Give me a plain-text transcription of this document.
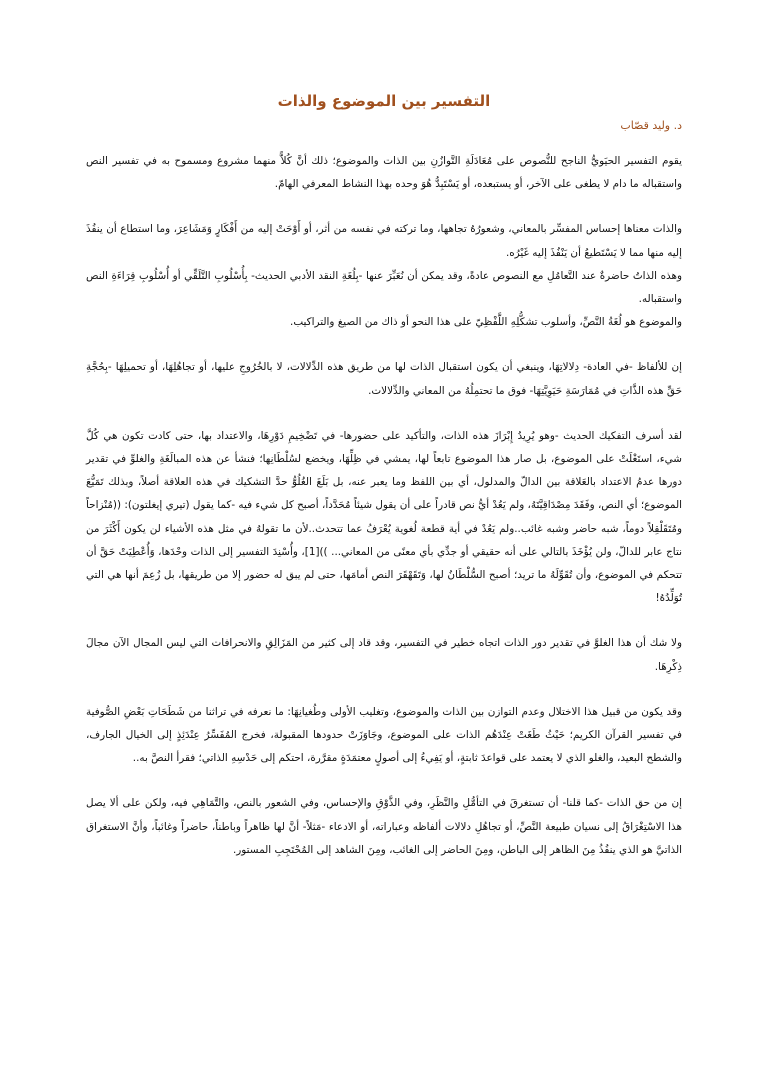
التفسير بين الموضوع والذات
د. وليد قصّاب

يقوم التفسير الحيَويُّ الناجح للنُّصوص على مُعَادَلَةِ التَّوازُنِ بين الذات والموضوع؛ ذلك أنَّ كُلاًّ منهما مشروع ومسموح به في تفسير النص واستقباله ما دام لا يطغى على الآخر، أو يستبعده، أو يَسْتَبِدُّ هُوَ وحده بهذا النشاط المعرفي الهامّ.

والذات معناها إحساس المفسِّر بالمعاني، وشعورُهُ تجاهها، وما تركته في نفسه من أثر، أو أَوْحَتْ إليه من أَفْكَارٍ وَمَشَاعِرَ، وما استطاع أن ينفُذَ إليه منها مما لا يَسْتَطيعُ أن يَنْفُذَ إليه غَيْرُه.

وهذه الذاتُ حاضرةٌ عند التَّعامُلِ مع النصوص عادةً، وقد يمكن أن نُعَبِّرَ عنها -بِلُغَةِ النقد الأدبي الحديث- بِأُسْلُوبِ التَّلَقِّي أو أُسْلُوبِ قِرَاءَةِ النص واستقباله.

والموضوع هو لُغَةُ النَّصِّ، وأسلوب تشكُّلِهِ اللَّفْظِيّ على هذا النحو أو ذاك من الصيغ والتراكيب.

إن للألفاظ -في العادة- دِلالاتِهَا، وينبغي أن يكون استقبال الذات لها من طريق هذه الدِّلالات، لا بالخُرُوجِ عليها، أو تجاهُلِهَا، أو تحميلِهَا -بِحُجَّةِ حَقِّ هذه الذَّاتِ في مُمَارَسَةِ حَيَوِيَّتِهَا- فوق ما تحتمِلُهُ من المعاني والدِّلالات.

لقد أسرف التفكيك الحديث -وهو يُرِيدُ إِبْرَازَ هذه الذات، والتأكيد على حضورها- في تَضْخِيمِ دَوْرِهَا، والاعتداد بها، حتى كادت تكون هي كُلَّ شيء، استَغْلَتْ على الموضوع، بل صار هذا الموضوع تابعاً لها، يمشي في ظِلِّهَا، ويخضع لسُلْطَانِها؛ فنشأ عن هذه المبالَغَةِ والغلوِّ في تقدير دورها عدمُ الاعتداد بالعَلاقة بين الدالّ والمدلول، أي بين اللفظ وما يعبر عنه، بل بَلَغَ الغُلُوُّ حدَّ التشكيك في هذه العلاقة أصلاً، وبذلك تَمَيُّعَ الموضوع؛ أي النص، وفَقَدَ مِصْدَاقِيَّتَهُ، ولم يَعُدْ أيُّ نص قادراً على أن يقول شيئاً مُحَدَّداً، أصبح كل شيء فيه -كما يقول (تيري إيغلتون): ((مُنْزاحاً ومُتَقَلْقِلاً دوماً، شبه حاضر وشبه غائب..ولم يَعُدْ في أية قطعة لُغوية يُعْرَفُ عما تتحدث..لأن ما تقولهُ في مثل هذه الأشياء لن يكون أَكْثَرَ من نتاج عابر للدالّ، ولن يُؤْخَذَ بالتالي على أنه حقيقي أو جدِّي بأي معنًى من المعاني... ))[1]، وأُسْنِدَ التفسير إلى الذات وحْدَها، وَأُعْطِيَتْ حَقَّ أن تتحكم في الموضوع، وأن تُقَوِّلَهُ ما تريد؛ أصبح السُّلْطَانُ لها، وَتَقَهْقَرَ النص أمامَها، حتى لم يبق له حضور إلا من طريقها، بل زُعِمَ أنها هي التي تُوَلِّدُهُ!

ولا شك أن هذا الغلوَّ في تقدير دور الذات اتجاه خطير في التفسير، وقد قاد إلى كثير من المَزَالِقِ والانحرافات التي ليس المجال الآن مجالَ ذِكْرِهَا.

وقد يكون من قبيل هذا الاختلال وعدم التوازن بين الذات والموضوع، وتغليب الأولى وطُغيانِهَا: ما نعرفه في تراثنا من شَطَحَاتِ بَعْضِ الصُّوفية في تفسير القرآن الكريم؛ حَيْثُ طَغَتْ عِنْدَهُم الذات على الموضوع، وجَاوَزَتْ حدودها المقبولة، فخرج المُفَسِّرُ عِنْدَئِذٍ إلى الخيال الجارف، والشطح البعيد، والغلو الذي لا يعتمد على قواعدَ ثابتةٍ، أو يَفِيءُ إلى أصولٍ معتمَدَةٍ مقرَّرة، احتكم إلى حَدْسِهِ الذاتي؛ فقرأ النصَّ به..

إن من حق الذات -كما قلنا- أن تستغرقَ في التأمُّلِ والنَّظَرِ، وفي الذَّوْقِ والإحساس، وفي الشعور بالنص، والتَّمَاهِي فيه، ولكن على ألا يصل هذا الاسْتِغْرَاقُ إلى نسيان طبيعة النَّصِّ، أو تجاهُلِ دلالات ألفاظه وعباراته، أو الادعاء -مَثلاً- أنَّ لها ظاهراً وباطناً، حاضراً وغائباً، وأنَّ الاستغراق الذاتيَّ هو الذي ينفُذُ مِنَ الظاهر إلى الباطن، ومِنَ الحاضر إلى الغائب، ومِنَ الشاهد إلى المُحْتَجِبِ المستور.
